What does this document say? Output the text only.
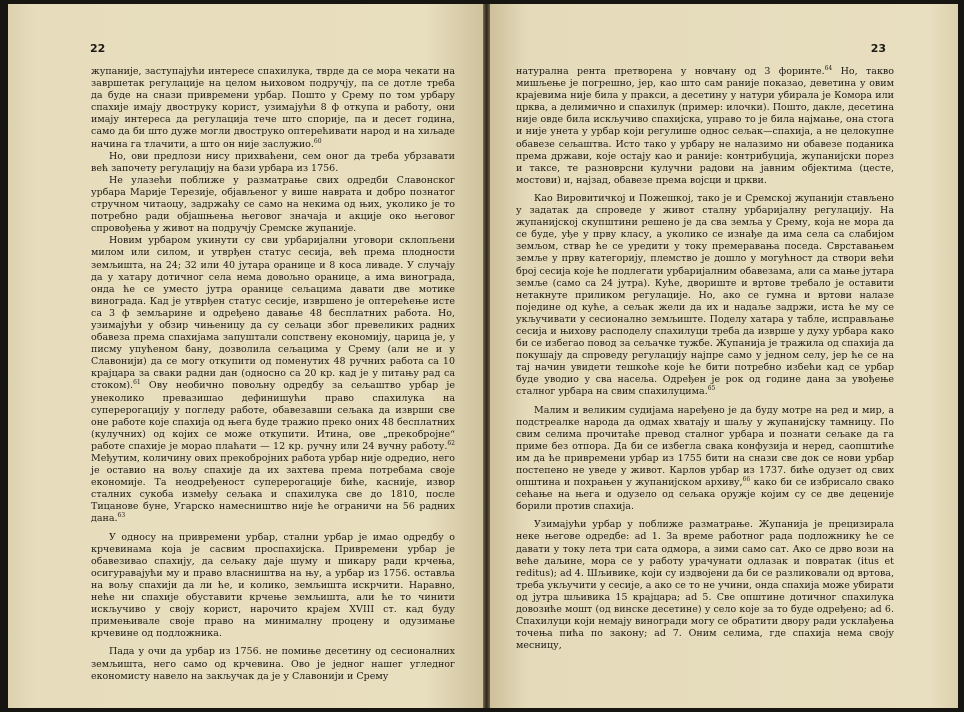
22

жупаније, заступајући интересе спахилука, тврде да се мора чекати на завршетак регулације на целом њиховом подручју, па се дотле треба да буде на снази привремени урбар. Пошто у Срему по том урбару спахије имају двоструку корист, узимајући 8 ф откупа и работу, они имају интереса да регулација тече што спорије, па и десет година, само да би што дуже могли двоструко оптерећивати народ и на хиљаде начина га тлачити, а што он није заслужио.$^{60}$

Но, ови предлози нису прихваћени, сем оног да треба убрзавати већ започету регулацију на бази урбара из 1756.

Не улазећи поближе у разматрање свих одредби Славонског урбара Марије Терезије, објављеног у више наврата и добро познатог стручном читаоцу, задржаћу се само на некима од њих, уколико је то потребно ради објашњења његовог значаја и акције око његовог спровођења у живот на подручју Сремске жупаније.

Новим урбаром укинути су сви урбаријални уговори склопљени милом или силом, и утврђен статус сесија, већ према плодности земљишта, на 24; 32 или 40 јутара оранице и 8 коса ливаде. У случају да у хатару дотичног села нема довољно оранице, а има винограда, онда ће се уместо јутра оранице сељацима давати две мотике винограда. Кад је утврђен статус сесије, извршено је оптерећење исте са 3 ф земљарине и одређено давање 48 бесплатних работа. Но, узимајући у обзир чињеницу да су сељаци због превеликих радних обавеза према спахијама запуштали сопствену економију, царица је, у писму упућеном бану, дозволила сељацима у Срему (али не и у Славонији) да се могу откупити од поменутих 48 ручних работа са 10 крајцара за сваки радни дан (односно са 20 кр. кад је у питању рад са стоком).$^{61}$ Ову необично повољну одредбу за сељаштво урбар је унеколико превазишао дефинишући право спахилука на суперерогацију у погледу работе, обавезавши сељака да изврши све оне работе које спахија од њега буде тражио преко оних 48 бесплатних (кулучних) од којих се може откупити. Итина, ове „прекобројне“ работе спахије је морао плаћати — 12 кр. ручну или 24 вучну работу.$^{62}$ Међутим, количину ових прекобројних работа урбар није одредио, него је оставио на вољу спахије да их захтева према потребама своје економије. Та неодређеност суперерогације биће, касније, извор сталних сукоба између сељака и спахилука све до 1810, после Тицанове буне, Угарско намесништво није ће ограничи на 56 радних дана.$^{63}$

У односу на привремени урбар, стални урбар је имао одредбу о крчевинама која је сасвим проспахијска. Привремени урбар је обавезивао спахију, да сељаку даје шуму и шикару ради крчења, осигуравајући му и право власништва на њу, а урбар из 1756. оставља на вољу спахији да ли ће, и колико, земљишта искрчити. Наравно, неће ни спахије обуставити крчење земљишта, али ће то чинити искључиво у своју корист, нарочито крајем XVIII ст. кад буду примењивале своје право на минималну процену и одузимање крчевине од подложника.

Пада у очи да урбар из 1756. не помиње десетину од сесионалних земљишта, него само од крчевина. Ово је једног нашег угледног економисту навело на закључак да је у Славонији и Срему

23

натурална рента претворена у новчану од 3 форинте.$^{64}$ Но, такво мишљење је погрешно, јер, као што сам раније показао, деветина у овим крајевима није била у пракси, а десетину у натури убирала је Комора или црква, а делимично и спахилук (пример: илочки). Пошто, дакле, десетина није овде била искључиво спахијска, управо то је била најмање, она стога и није унета у урбар који регулише однос сељак—спахија, а не целокупне обавезе сељаштва. Исто тако у урбару не налазимо ни обавезе поданика према држави, које остају као и раније: контрибуција, жупанијски порез и таксе, те разноврсни кулучни радови на јавним објектима (цесте, мостови) и, најзад, обавезе према војсци и цркви.

Као Вировитичкој и Пожешкој, тако је и Сремској жупанији стављено у задатак да спроведе у живот сталну урбаријалну регулацију. На жупанијској скупштини решено је да сва земља у Срему, која не мора да се буде, уђе у прву класу, а уколико се изнађе да има села са слабијом земљом, ствар ће се уредити у току премеравања поседа. Сврставањем земље у прву категорију, племство је дошло у могућност да створи већи број сесија које ће подлегати урбаријалним обавезама, али са мање јутара земље (само са 24 јутра). Куће, двориште и вртове требало је оставити нетакнуте приликом регулације. Но, ако се гумна и вртови налазе поједине од куће, а сељак жели да их и надаље задржи, иста ће му се укључивати у сесионално земљиште. Поделу хатара у табле, исправљање сесија и њихову расподелу спахилуци треба да изврше у духу урбара како би се избегао повод за сељачке тужбе. Жупанија је тражила од спахија да покушају да спроведу регулацију најпре само у једном селу, јер ће се на тај начин увидети тешкоће које ће бити потребно избећи кад се урбар буде уводио у сва насеља. Одређен је рок од године дана за увођење сталног урбара на свим спахилуцима.$^{65}$

Малим и великим судијама наређено је да буду мотре на ред и мир, а подстреалке народа да одмах хватају и шаљу у жупанијску тамницу. По свим селима прочитаће превод сталног урбара и познати сељаке да га приме без отпора. Да би се избегла свака конфузија и неред, саопштиће им да ће привремени урбар из 1755 бити на снази све док се нови урбар постепено не уведе у живот. Карлов урбар из 1737. биће одузет од свих општина и похрањен у жупанијском архиву,$^{66}$ како би се избрисало свако сећање на њега и одузело од сељака оружје којим су се две деценије борили против спахија.

Узимајући урбар у поближе разматрање. Жупанија је прецизирала неке његове одредбе: ad 1. За време работног рада подложнику ће се давати у току лета три сата одмора, а зими само сат. Ако се дрво вози на веће даљине, мора се у работу урачунати одлазак и повратак (itus et reditus); ad 4. Шљивике, који су издвојени да би се разликовали од вртова, треба укључити у сесије, а ако се то не учини, онда спахија може убирати од јутра шљивика 15 крајцара; ad 5. Све општине дотичног спахилука довозиће мошт (од винске десетине) у село које за то буде одређено; ad 6. Спахилуци који немају виногради могу се обратити двору ради усклађења точења пића по закону; ad 7. Оним селима, где спахија нема своју месницу,
